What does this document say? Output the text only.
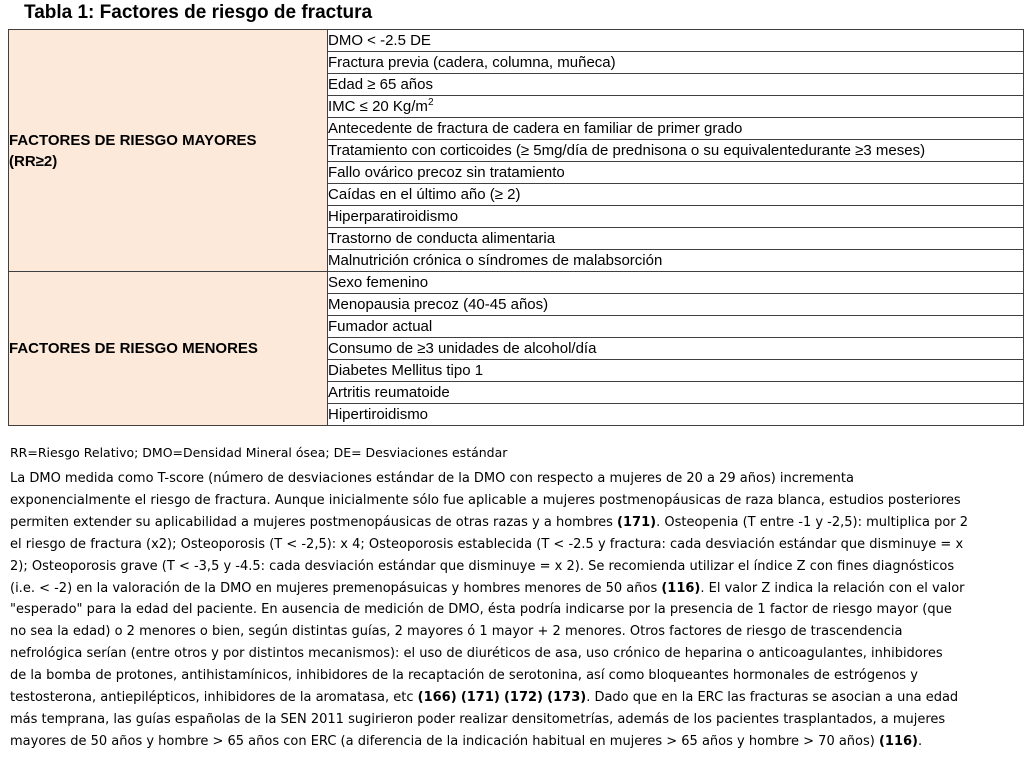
Tabla 1: Factores de riesgo de fractura
FACTORES DE RIESGO MAYORES
(RR≥2)	DMO < -2.5 DE
	Fractura previa (cadera, columna, muñeca)
	Edad ≥ 65 años
	IMC ≤ 20 $Kg/m^2$
	Antecedente de fractura de cadera en familiar de primer grado
	Tratamiento con corticoides (≥ 5mg/día de prednisona o su equivalentedurante ≥3 meses)
	Fallo ovárico precoz sin tratamiento
	Caídas en el último año (≥ 2)
	Hiperparatiroidismo
	Trastorno de conducta alimentaria
	Malnutrición crónica o síndromes de malabsorción
FACTORES DE RIESGO MENORES	Sexo femenino
	Menopausia precoz (40-45 años)
	Fumador actual
	Consumo de ≥3 unidades de alcohol/día
	Diabetes Mellitus tipo 1
	Artritis reumatoide
	Hipertiroidismo
RR=Riesgo Relativo; DMO=Densidad Mineral ósea; DE= Desviaciones estándar
La DMO medida como T-score (número de desviaciones estándar de la DMO con respecto a mujeres de 20 a 29 años) incrementa
exponencialmente el riesgo de fractura. Aunque inicialmente sólo fue aplicable a mujeres postmenopáusicas de raza blanca, estudios posteriores
permiten extender su aplicabilidad a mujeres postmenopáusicas de otras razas y a hombres (171). Osteopenia (T entre -1 y -2,5): multiplica por 2
el riesgo de fractura (x2); Osteoporosis (T < -2,5): x 4; Osteoporosis establecida (T < -2.5 y fractura: cada desviación estándar que disminuye = x
2); Osteoporosis grave (T < -3,5 y -4.5: cada desviación estándar que disminuye = x 2). Se recomienda utilizar el índice Z con fines diagnósticos
(i.e. < -2) en la valoración de la DMO en mujeres premenopásuicas y hombres menores de 50 años (116). El valor Z indica la relación con el valor
"esperado" para la edad del paciente. En ausencia de medición de DMO, ésta podría indicarse por la presencia de 1 factor de riesgo mayor (que
no sea la edad) o 2 menores o bien, según distintas guías, 2 mayores ó 1 mayor + 2 menores. Otros factores de riesgo de trascendencia
nefrológica serían (entre otros y por distintos mecanismos): el uso de diuréticos de asa, uso crónico de heparina o anticoagulantes, inhibidores
de la bomba de protones, antihistamínicos, inhibidores de la recaptación de serotonina, así como bloqueantes hormonales de estrógenos y
testosterona, antiepilépticos, inhibidores de la aromatasa, etc (166) (171) (172) (173). Dado que en la ERC las fracturas se asocian a una edad
más temprana, las guías españolas de la SEN 2011 sugirieron poder realizar densitometrías, además de los pacientes trasplantados, a mujeres
mayores de 50 años y hombre > 65 años con ERC (a diferencia de la indicación habitual en mujeres > 65 años y hombre > 70 años) (116).
